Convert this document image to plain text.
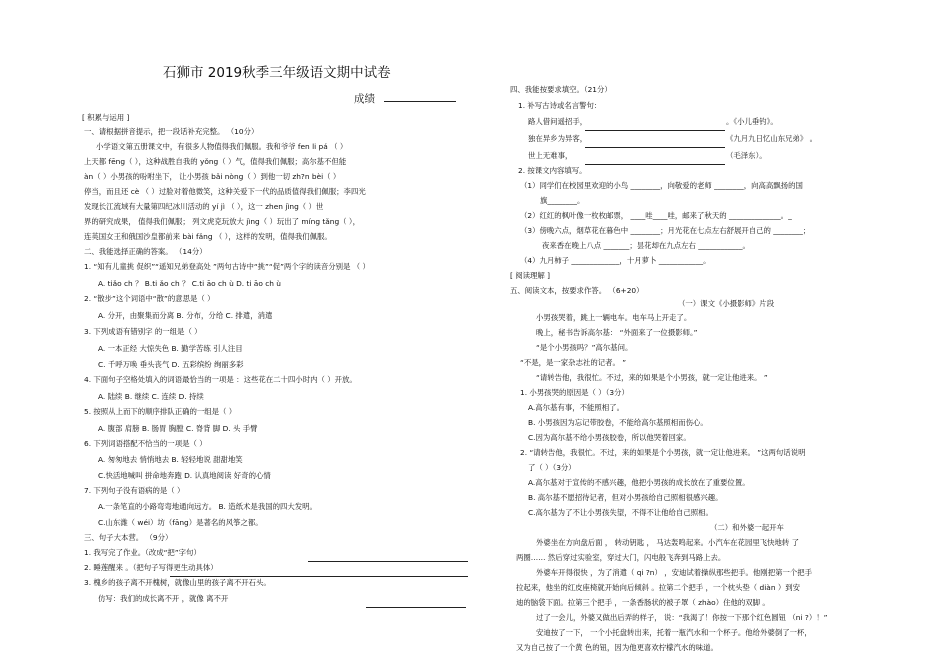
石狮市 2019秋季三年级语文期中试卷
成绩
[ 积累与运用 ]
一、请根据拼音提示，把一段话补充完整。 （10分）
小学语文第五册课文中，有很多人物值得我们佩服。我和爷爷 fen li pá （ ）
上天都 fēng（ ），这种战胜自我的 yǒng（ ）气，值得我们佩服；高尔基不但能
àn（ ）小男孩的吩咐坐下， 让小男孩 bǎi nòng（ ）到他一切 zh?n bèi（ ）
停当，而且还 cè （ ）过脸对着他微笑，这种关爱下一代的品质值得我们佩服；李四光
发现长江流域有大量第四纪冰川活动的 yí jì （ ），这一 zhen jìng（ ）世
界的研究成果， 值得我们佩服； 列文虎克玩放大 jìng（ ）玩出了 míng tǎng（ ），
连英国女王和俄国沙皇都前来 bài fǎng （ ），这样的发明，值得我们佩服。
二、我能选择正确的答案。 （14分）
1. “知有儿童挑 促织”“遥知兄弟登高处 ”两句古诗中“挑”“促”两个字的读音分别是 （ ）
A. tiǎo ch ？ B.ti ǎo ch ？ C.ti āo ch ù D. ti āo ch ù
2. “散步”这个词语中“散”的意思是（ ）
A. 分开，由聚集而分离 B. 分布，分给 C. 排遣，消遣
3. 下列成语有错别字 的一组是（ ）
A. 一本正经 大惊失色 B. 勤学苦练 引人注目
C. 千呼万唤 垂头丧气 D. 五彩缤纷 绚丽多彩
4. 下面句子空格处填入的词语最恰当的一项是 ：这些花在二十四小时内（ ）开放。
A. 陆续 B. 继续 C. 连续 D. 持续
5. 按照从上而下的顺序排队正确的一组是（ ）
A. 腹部 肩膀 B. 肠胃 胸膛 C. 脊背 脚 D. 头 手臂
6. 下列词语搭配不恰当的一项是（ ）
A. 匆匆地去 悄悄地去 B. 轻轻地说 甜甜地笑
C.快活地喊叫 拼命地奔跑 D. 认真地阅读 好奇的心情
7. 下列句子没有语病的是（ ）
A.一条笔直的小路弯弯地通向远方。 B. 造纸术是我国的四大发明。
C.山东潍（ wéi）坊（fāng）是著名的风筝之都。
三、句子大本营。 （9分）
1. 我写完了作业。（改成“把”字句）
2. 睡莲醒来 。（把句子写得更生动具体）
3. 槐乡的孩子离不开槐树，就像山里的孩子离不开石头。
仿写：我们的成长离不开 ，就像 离不开
四、我能按要求填空。（21分）
1. 补写古诗或名言警句：
路人借问遥招手，	。《小儿垂钓》。
独在异乡为异客，	《九月九日忆山东兄弟》 。
世上无难事，	（毛泽东）。
2. 按课文内容填写。
（1）同学们在校园里欢迎的小鸟 ________，向敬爱的老师 ________，向高高飘扬的国
旗________。
（2）红红的枫叶像一枚枚邮票， ____哇____哇，邮来了秋天的 ______________。_
（3）傍晚六点，烟草花在暮色中 ________；月光花在七点左右舒展开自己的 ________；
夜来香在晚上八点 _______；昙花却在九点左右 ____________。
（4）九月柿子 _____________，十月萝卜 ____________。
[ 阅读理解 ]
五、阅读文本，按要求作答。 （6+20）
（一）课文《小摄影师》片段
小男孩哭着，跳上一辆电车。电车马上开走了。
晚上，秘书告诉高尔基： “外面来了一位摄影师。”
“是个小男孩吗？”高尔基问。
“不是，是一家杂志社的记者。 ”
“请转告他，我很忙。不过，来的如果是个小男孩，就一定让他进来。 ”
1. 小男孩哭的原因是（ ）（3分）
A.高尔基有事，不能照相了。
B. 小男孩因为忘记带胶卷，不能给高尔基照相而伤心。
C.因为高尔基不给小男孩胶卷，所以他哭着回家。
2. “请转告他，我很忙。不过，来的如果是个小男孩，就一定让他进来。 ”这两句话说明
了（ ）（3分）
A.高尔基对于宣传的不感兴趣，他把小男孩的成长放在了重要位置。
B. 高尔基不愿招待记者，但对小男孩给自己照相很感兴趣。
C.高尔基为了不让小男孩失望，不得不让他给自己照相。
（二）和外婆一起开车
外婆坐在方向盘后面 ， 转动钥匙 ， 马达轰鸣起来。小汽车在花园里飞快地转 了
两圈…… 然后穿过实验室，穿过大门，闪电般飞奔到马路上去。
外婆车开得很快 ，为了消遣（ qi ?n） ，安迪试着操纵那些把手。他刚把第一个把手
拉起来，他坐的红皮座椅就开始向后倾斜 。拉第二个把手 ，一个枕头垫（ diàn ）到安
迪的脑袋下面。拉第三个把手 ，一条香肠状的被子罩（ zhào）住他的双脚 。
过了一会儿，外婆又做出后弄的样子， 说：“我渴了！你按一下那个红色圆钮 （ni ?）！”
安迪按了一下， 一个小托盘转出来，托着一瓶汽水和一个杯子。他给外婆倒了一杯，
又为自己按了一个黄 色的钮，因为他更喜欢柠檬汽水的味道。
